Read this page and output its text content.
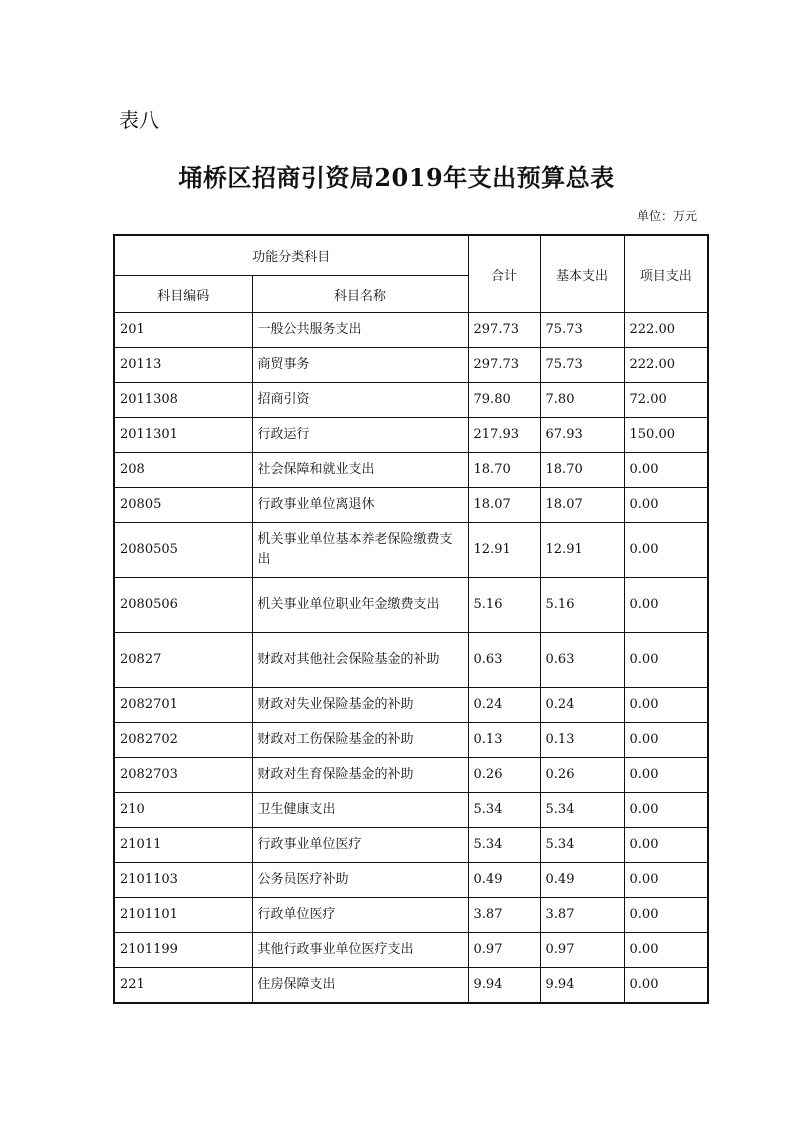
表八
埇桥区招商引资局2019年支出预算总表
单位：万元
功能分类科目		合计	基本支出	项目支出
科目编码	科目名称			
201	一般公共服务支出	297.73	75.73	222.00
20113	商贸事务	297.73	75.73	222.00
2011308	招商引资	79.80	7.80	72.00
2011301	行政运行	217.93	67.93	150.00
208	社会保障和就业支出	18.70	18.70	0.00
20805	行政事业单位离退休	18.07	18.07	0.00
2080505	机关事业单位基本养老保险缴费支出	12.91	12.91	0.00
2080506	机关事业单位职业年金缴费支出	5.16	5.16	0.00
20827	财政对其他社会保险基金的补助	0.63	0.63	0.00
2082701	财政对失业保险基金的补助	0.24	0.24	0.00
2082702	财政对工伤保险基金的补助	0.13	0.13	0.00
2082703	财政对生育保险基金的补助	0.26	0.26	0.00
210	卫生健康支出	5.34	5.34	0.00
21011	行政事业单位医疗	5.34	5.34	0.00
2101103	公务员医疗补助	0.49	0.49	0.00
2101101	行政单位医疗	3.87	3.87	0.00
2101199	其他行政事业单位医疗支出	0.97	0.97	0.00
221	住房保障支出	9.94	9.94	0.00
